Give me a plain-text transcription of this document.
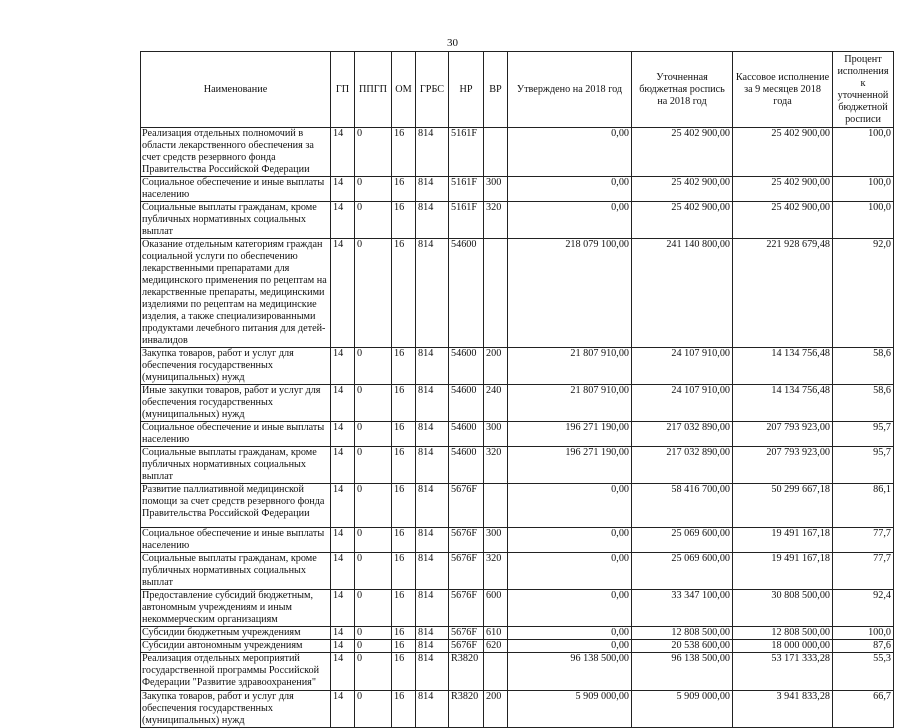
30
Наименование	ГП	ППГП	ОМ	ГРБС	НР	ВР	Утверждено на 2018 год	Уточненная бюджетная роспись на 2018 год	Кассовое исполнение за 9 месяцев 2018 года	Процент исполнения к уточненной бюджетной росписи
Реализация отдельных полномочий в области лекарственного обеспечения за счет средств резервного фонда Правительства Российской Федерации	14	0	16	814	5161F		0,00	25 402 900,00	25 402 900,00	100,0
Социальное обеспечение и иные выплаты населению	14	0	16	814	5161F	300	0,00	25 402 900,00	25 402 900,00	100,0
Социальные выплаты гражданам, кроме публичных нормативных социальных выплат	14	0	16	814	5161F	320	0,00	25 402 900,00	25 402 900,00	100,0
Оказание отдельным категориям граждан социальной услуги по обеспечению лекарственными препаратами для медицинского применения по рецептам на лекарственные препараты, медицинскими изделиями по рецептам на медицинские изделия, а также специализированными продуктами лечебного питания для детей-инвалидов	14	0	16	814	54600		218 079 100,00	241 140 800,00	221 928 679,48	92,0
Закупка товаров, работ и услуг для обеспечения государственных (муниципальных) нужд	14	0	16	814	54600	200	21 807 910,00	24 107 910,00	14 134 756,48	58,6
Иные закупки товаров, работ и услуг для обеспечения государственных (муниципальных) нужд	14	0	16	814	54600	240	21 807 910,00	24 107 910,00	14 134 756,48	58,6
Социальное обеспечение и иные выплаты населению	14	0	16	814	54600	300	196 271 190,00	217 032 890,00	207 793 923,00	95,7
Социальные выплаты гражданам, кроме публичных нормативных социальных выплат	14	0	16	814	54600	320	196 271 190,00	217 032 890,00	207 793 923,00	95,7
Развитие паллиативной медицинской помощи за счет средств резервного фонда Правительства Российской Федерации	14	0	16	814	5676F		0,00	58 416 700,00	50 299 667,18	86,1
Социальное обеспечение и иные выплаты населению	14	0	16	814	5676F	300	0,00	25 069 600,00	19 491 167,18	77,7
Социальные выплаты гражданам, кроме публичных нормативных социальных выплат	14	0	16	814	5676F	320	0,00	25 069 600,00	19 491 167,18	77,7
Предоставление субсидий бюджетным, автономным учреждениям и иным некоммерческим организациям	14	0	16	814	5676F	600	0,00	33 347 100,00	30 808 500,00	92,4
Субсидии бюджетным учреждениям	14	0	16	814	5676F	610	0,00	12 808 500,00	12 808 500,00	100,0
Субсидии автономным учреждениям	14	0	16	814	5676F	620	0,00	20 538 600,00	18 000 000,00	87,6
Реализация отдельных мероприятий государственной программы Российской Федерации "Развитие здравоохранения"	14	0	16	814	R3820		96 138 500,00	96 138 500,00	53 171 333,28	55,3
Закупка товаров, работ и услуг для обеспечения государственных (муниципальных) нужд	14	0	16	814	R3820	200	5 909 000,00	5 909 000,00	3 941 833,28	66,7
